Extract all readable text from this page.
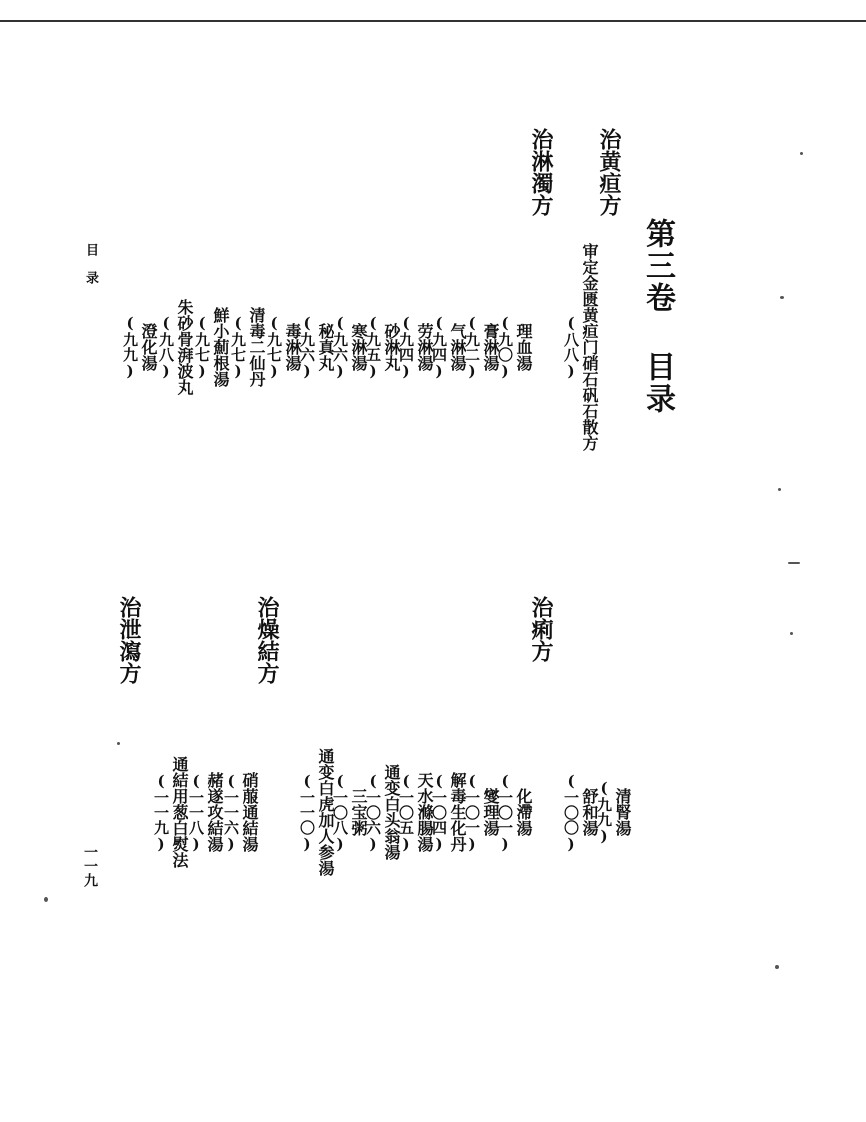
第三卷 目录
治黄疸方
审定金匮黄疸门硝石矾石散方
(八八)
治淋濁方
理血湯
(九〇)
膏淋湯
(九二)
气淋湯
(九四)
劳淋湯
(九四)
砂淋丸
(九五)
寒淋湯
(九六)
秘真丸
(九六)
毒淋湯
(九七)
清毒二仙丹
(九七)
鮮小薊根湯
(九七)
朱砂骨湃波丸
(九八)
澄化湯
(九九)
清腎湯
(九九)
舒和湯
(一〇〇)
治痢方
化滯湯
(一〇一)
燮理湯
(一〇一)
解毒生化丹
(一〇四)
天水滌腸湯
(一〇五)
通变白头翁湯
(一〇六)
三宝粥
(一〇八)
通变白虎加人参湯
(一一〇)
治燥結方
硝菔通結湯
(一一六)
赭遂攻結湯
(一一八)
通結用葱白熨法
(一一九)
治泄瀉方
目 录
一一九
